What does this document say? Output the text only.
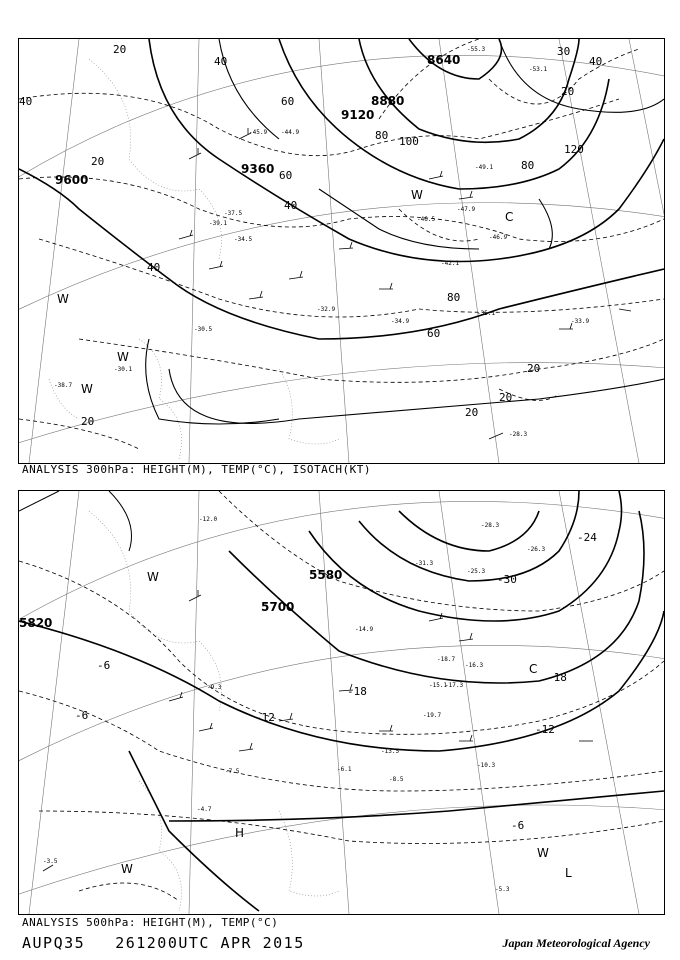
-39.1
-37.5
-34.5
-30.5
-45.9 -44.9
-47.9
-46.5
-42.1
-34.9
-35.1
-33.9
-32.9
-30.1
-28.3
-53.1
-55.3
-49.1
-46.9
-38.7
9600
9360
9120
8880
8640
20
40
60
80 100
120
20
40
80
60
80
60
40
20
20
20
40
20
30
20
40
W
W
W
C
W
ANALYSIS 300hPa: HEIGHT(M), TEMP(°C), ISOTACH(KT)
-12.0
-14.9
-17.3
-18.7
-16.3
-15.1
-13.5
-8.5
-10.3
-4.7
-3.5
-5.3
-26.3
-28.3
-31.3
-25.3
-7.5	-6.1
-9.3
-19.7
5820
5700
5580
-6
-12
-18
-24
-30
-18
-6
-6
-12
W
H
W	L
C
W
ANALYSIS 500hPa: HEIGHT(M), TEMP(°C)
AUPQ35 261200UTC APR 2015	Japan Meteorological Agency
